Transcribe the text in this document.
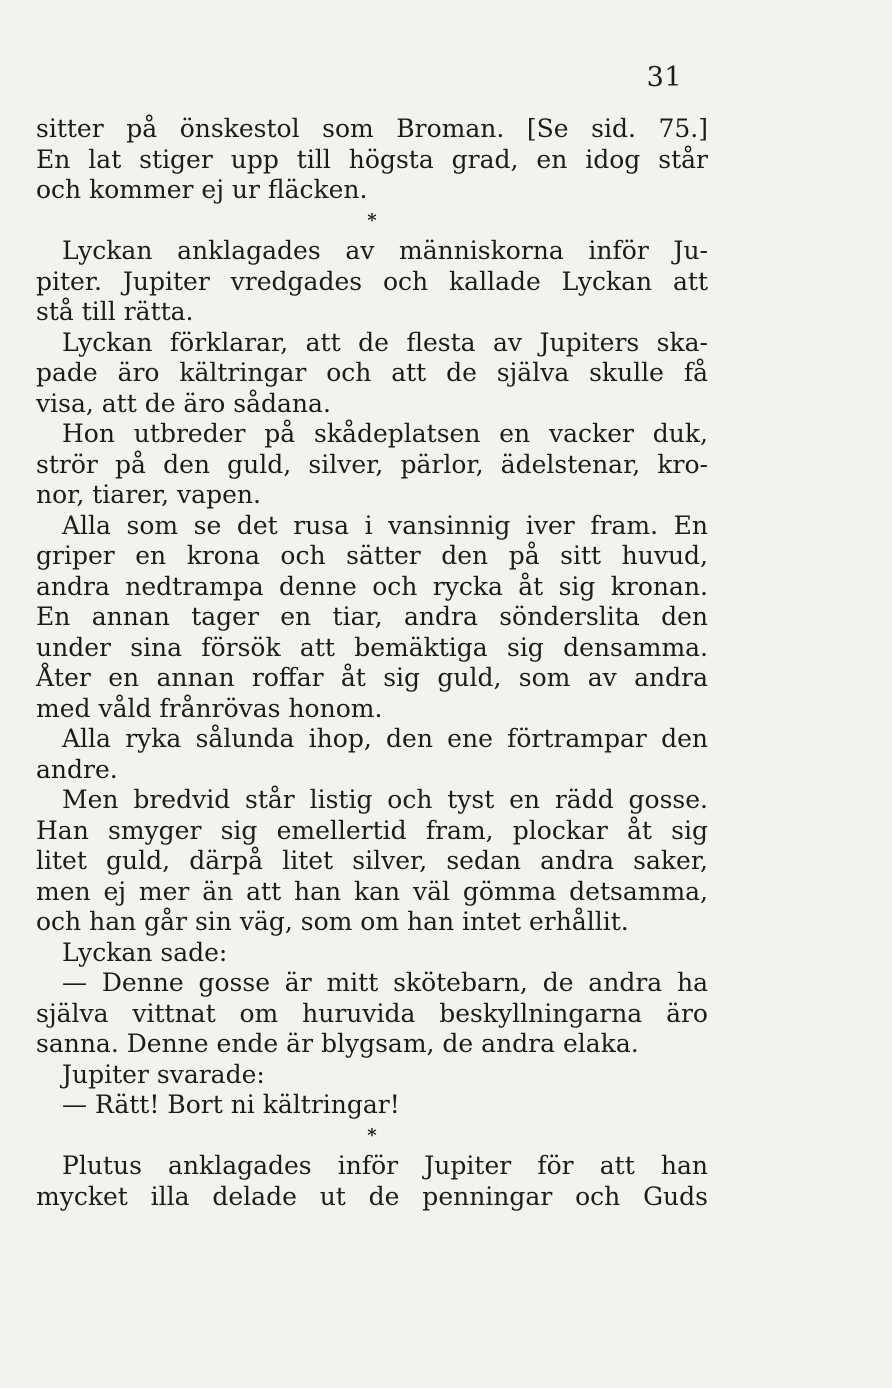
31
sitter på önskestol som Broman. [Se sid. 75.]
En lat stiger upp till högsta grad, en idog står
och kommer ej ur fläcken.
*
Lyckan anklagades av människorna inför Ju-
piter. Jupiter vredgades och kallade Lyckan att
stå till rätta.
Lyckan förklarar, att de flesta av Jupiters ska-
pade äro kältringar och att de själva skulle få
visa, att de äro sådana.
Hon utbreder på skådeplatsen en vacker duk,
strör på den guld, silver, pärlor, ädelstenar, kro-
nor, tiarer, vapen.
Alla som se det rusa i vansinnig iver fram. En
griper en krona och sätter den på sitt huvud,
andra nedtrampa denne och rycka åt sig kronan.
En annan tager en tiar, andra sönderslita den
under sina försök att bemäktiga sig densamma.
Åter en annan roffar åt sig guld, som av andra
med våld frånrövas honom.
Alla ryka sålunda ihop, den ene förtrampar den
andre.
Men bredvid står listig och tyst en rädd gosse.
Han smyger sig emellertid fram, plockar åt sig
litet guld, därpå litet silver, sedan andra saker,
men ej mer än att han kan väl gömma detsamma,
och han går sin väg, som om han intet erhållit.
Lyckan sade:
— Denne gosse är mitt skötebarn, de andra ha
själva vittnat om huruvida beskyllningarna äro
sanna. Denne ende är blygsam, de andra elaka.
Jupiter svarade:
— Rätt! Bort ni kältringar!
*
Plutus anklagades inför Jupiter för att han
mycket illa delade ut de penningar och Guds
